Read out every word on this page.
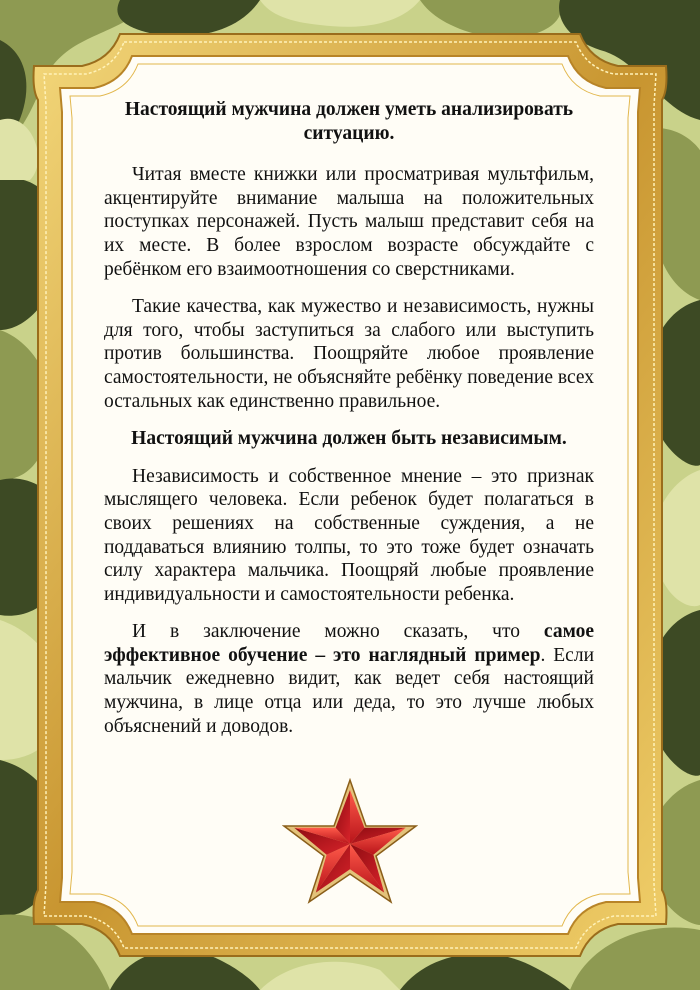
Настоящий мужчина должен уметь анализировать ситуацию.

Читая вместе книжки или просматривая мультфильм, акцентируйте внимание малыша на положительных поступках персонажей. Пусть малыш представит себя на их месте. В более взрослом возрасте обсуждайте с ребёнком его взаимоотношения со сверстниками.

Такие качества, как мужество и независимость, нужны для того, чтобы заступиться за слабого или выступить против большинства. Поощряйте любое проявление самостоятельности, не объясняйте ребёнку поведение всех остальных как единственно правильное.

Настоящий мужчина должен быть независимым.

Независимость и собственное мнение – это признак мыслящего человека. Если ребенок будет полагаться в своих решениях на собственные суждения, а не поддаваться влиянию толпы, то это тоже будет означать силу характера мальчика. Поощряй любые проявление индивидуальности и самостоятельности ребенка.

И в заключение можно сказать, что самое эффективное обучение – это наглядный пример. Если мальчик ежедневно видит, как ведет себя настоящий мужчина, в лице отца или деда, то это лучше любых объяснений и доводов.
